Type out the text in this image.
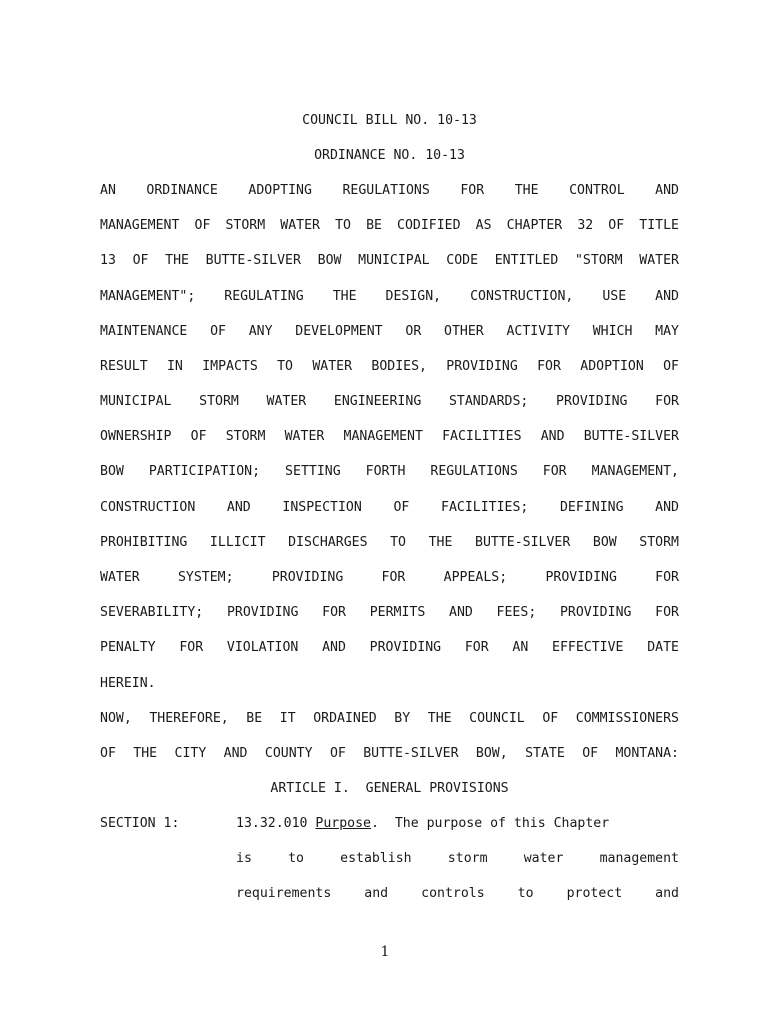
COUNCIL BILL NO. 10-13
ORDINANCE NO. 10-13
AN ORDINANCE ADOPTING REGULATIONS FOR THE CONTROL AND
MANAGEMENT OF STORM WATER TO BE CODIFIED AS CHAPTER 32 OF TITLE
13 OF THE BUTTE-SILVER BOW MUNICIPAL CODE ENTITLED "STORM WATER
MANAGEMENT"; REGULATING THE DESIGN, CONSTRUCTION, USE AND
MAINTENANCE OF ANY DEVELOPMENT OR OTHER ACTIVITY WHICH MAY
RESULT IN IMPACTS TO WATER BODIES, PROVIDING FOR ADOPTION OF
MUNICIPAL STORM WATER ENGINEERING STANDARDS; PROVIDING FOR
OWNERSHIP OF STORM WATER MANAGEMENT FACILITIES AND BUTTE-SILVER
BOW PARTICIPATION; SETTING FORTH REGULATIONS FOR MANAGEMENT,
CONSTRUCTION AND INSPECTION OF FACILITIES; DEFINING AND
PROHIBITING ILLICIT DISCHARGES TO THE BUTTE-SILVER BOW STORM
WATER SYSTEM; PROVIDING FOR APPEALS; PROVIDING FOR
SEVERABILITY; PROVIDING FOR PERMITS AND FEES; PROVIDING FOR
PENALTY FOR VIOLATION AND PROVIDING FOR AN EFFECTIVE DATE
HEREIN.
NOW, THEREFORE, BE IT ORDAINED BY THE COUNCIL OF COMMISSIONERS
OF THE CITY AND COUNTY OF BUTTE-SILVER BOW, STATE OF MONTANA:
ARTICLE I.  GENERAL PROVISIONS
SECTION 1:	13.32.010 Purpose.  The purpose of this Chapter
is to establish storm water management
requirements and controls to protect and
1
